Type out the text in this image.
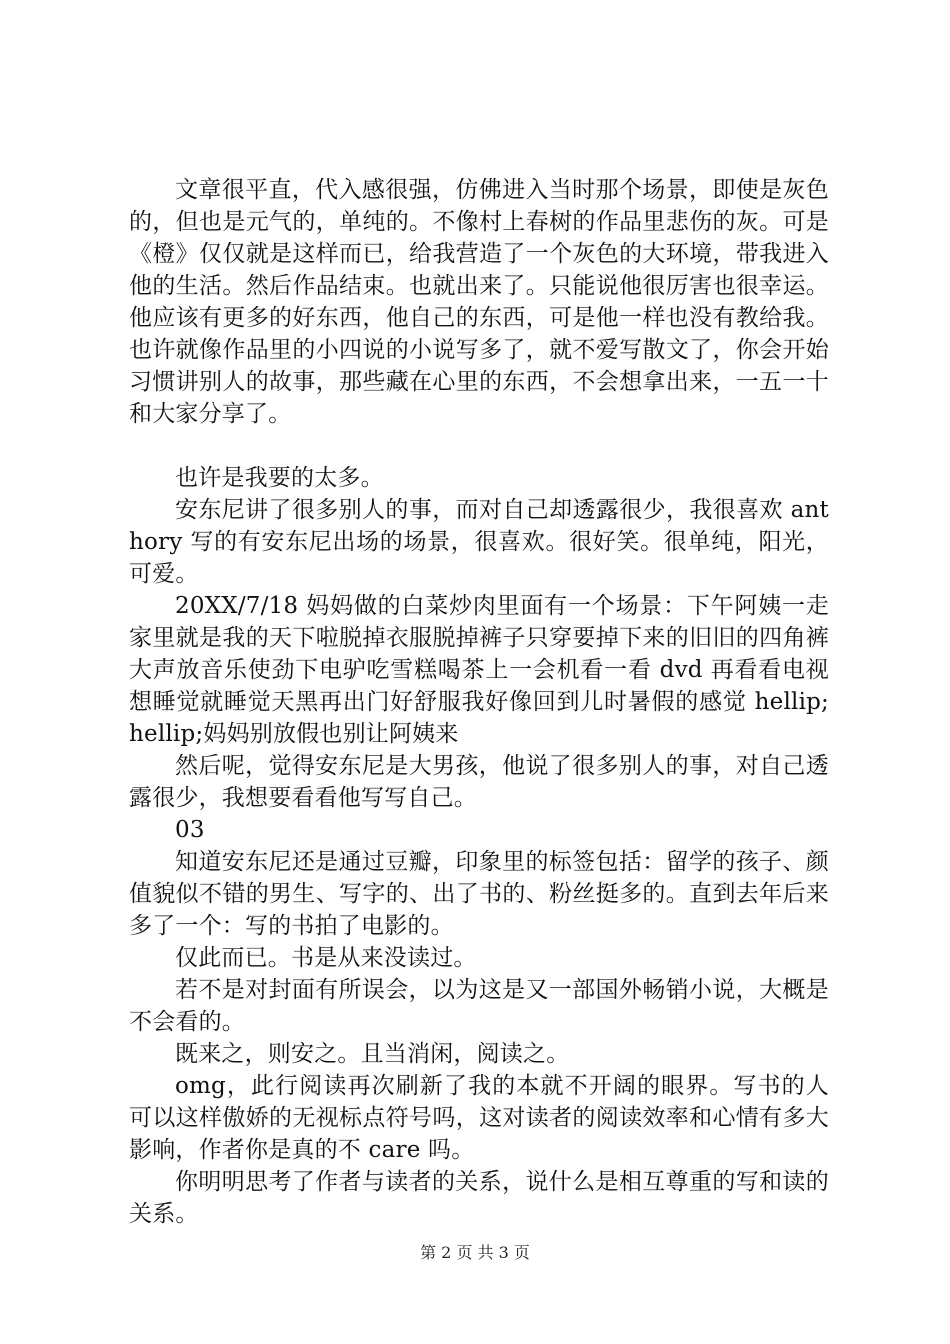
文章很平直，代入感很强，仿佛进入当时那个场景，即使是灰色的，但也是元气的，单纯的。不像村上春树的作品里悲伤的灰。可是《橙》仅仅就是这样而已，给我营造了一个灰色的大环境，带我进入他的生活。然后作品结束。也就出来了。只能说他很厉害也很幸运。他应该有更多的好东西，他自己的东西，可是他一样也没有教给我。也许就像作品里的小四说的小说写多了，就不爱写散文了，你会开始习惯讲别人的故事，那些藏在心里的东西，不会想拿出来，一五一十和大家分享了。

也许是我要的太多。

安东尼讲了很多别人的事，而对自己却透露很少，我很喜欢 anthory 写的有安东尼出场的场景，很喜欢。很好笑。很单纯，阳光，可爱。

20XX/7/18 妈妈做的白菜炒肉里面有一个场景：下午阿姨一走家里就是我的天下啦脱掉衣服脱掉裤子只穿要掉下来的旧旧的四角裤大声放音乐使劲下电驴吃雪糕喝茶上一会机看一看 dvd 再看看电视想睡觉就睡觉天黑再出门好舒服我好像回到儿时暑假的感觉 hellip;hellip;妈妈别放假也别让阿姨来

然后呢，觉得安东尼是大男孩，他说了很多别人的事，对自己透露很少，我想要看看他写写自己。

03

知道安东尼还是通过豆瓣，印象里的标签包括：留学的孩子、颜值貌似不错的男生、写字的、出了书的、粉丝挺多的。直到去年后来多了一个：写的书拍了电影的。

仅此而已。书是从来没读过。

若不是对封面有所误会，以为这是又一部国外畅销小说，大概是不会看的。

既来之，则安之。且当消闲，阅读之。

omg，此行阅读再次刷新了我的本就不开阔的眼界。写书的人可以这样傲娇的无视标点符号吗，这对读者的阅读效率和心情有多大影响，作者你是真的不 care 吗。

你明明思考了作者与读者的关系，说什么是相互尊重的写和读的关系。

第 2 页 共 3 页
